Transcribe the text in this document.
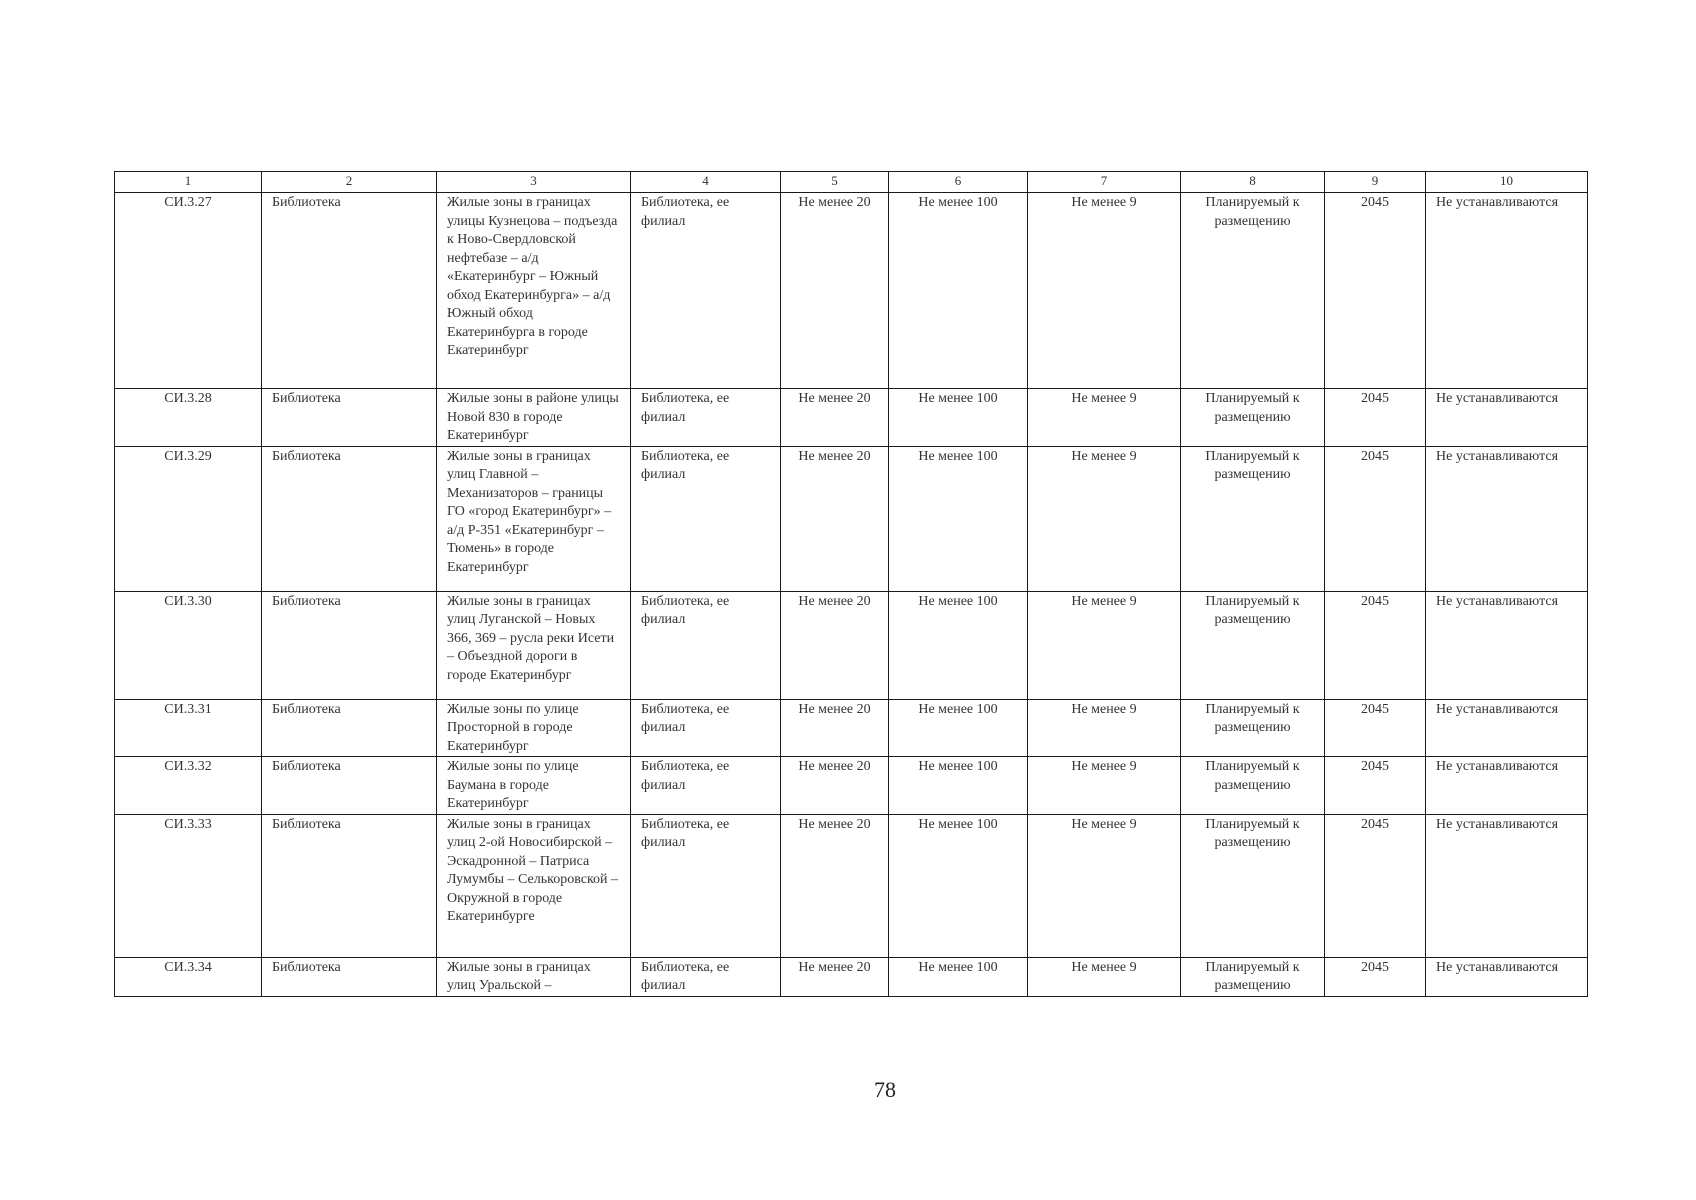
1	2	3	4	5	6	7	8	9	10
СИ.3.27	Библиотека	Жилые зоны в границах улицы Кузнецова – подъезда к Ново-Свердловской нефтебазе – а/д «Екатеринбург – Южный обход Екатеринбурга» – а/д Южный обход Екатеринбурга в городе Екатеринбург	Библиотека, ее филиал	Не менее 20	Не менее 100	Не менее 9	Планируемый к размещению	2045	Не устанавливаются
СИ.3.28	Библиотека	Жилые зоны в районе улицы Новой 830 в городе Екатеринбург	Библиотека, ее филиал	Не менее 20	Не менее 100	Не менее 9	Планируемый к размещению	2045	Не устанавливаются
СИ.3.29	Библиотека	Жилые зоны в границах улиц Главной – Механизаторов – границы ГО «город Екатеринбург» – а/д Р-351 «Екатеринбург – Тюмень» в городе Екатеринбург	Библиотека, ее филиал	Не менее 20	Не менее 100	Не менее 9	Планируемый к размещению	2045	Не устанавливаются
СИ.3.30	Библиотека	Жилые зоны в границах улиц Луганской – Новых 366, 369 – русла реки Исети – Объездной дороги в городе Екатеринбург	Библиотека, ее филиал	Не менее 20	Не менее 100	Не менее 9	Планируемый к размещению	2045	Не устанавливаются
СИ.3.31	Библиотека	Жилые зоны по улице Просторной в городе Екатеринбург	Библиотека, ее филиал	Не менее 20	Не менее 100	Не менее 9	Планируемый к размещению	2045	Не устанавливаются
СИ.3.32	Библиотека	Жилые зоны по улице Баумана в городе Екатеринбург	Библиотека, ее филиал	Не менее 20	Не менее 100	Не менее 9	Планируемый к размещению	2045	Не устанавливаются
СИ.3.33	Библиотека	Жилые зоны в границах улиц 2-ой Новосибирской – Эскадронной – Патриса Лумумбы – Селькоровской – Окружной в городе Екатеринбурге	Библиотека, ее филиал	Не менее 20	Не менее 100	Не менее 9	Планируемый к размещению	2045	Не устанавливаются
СИ.3.34	Библиотека	Жилые зоны в границах улиц Уральской –	Библиотека, ее филиал	Не менее 20	Не менее 100	Не менее 9	Планируемый к размещению	2045	Не устанавливаются
78
